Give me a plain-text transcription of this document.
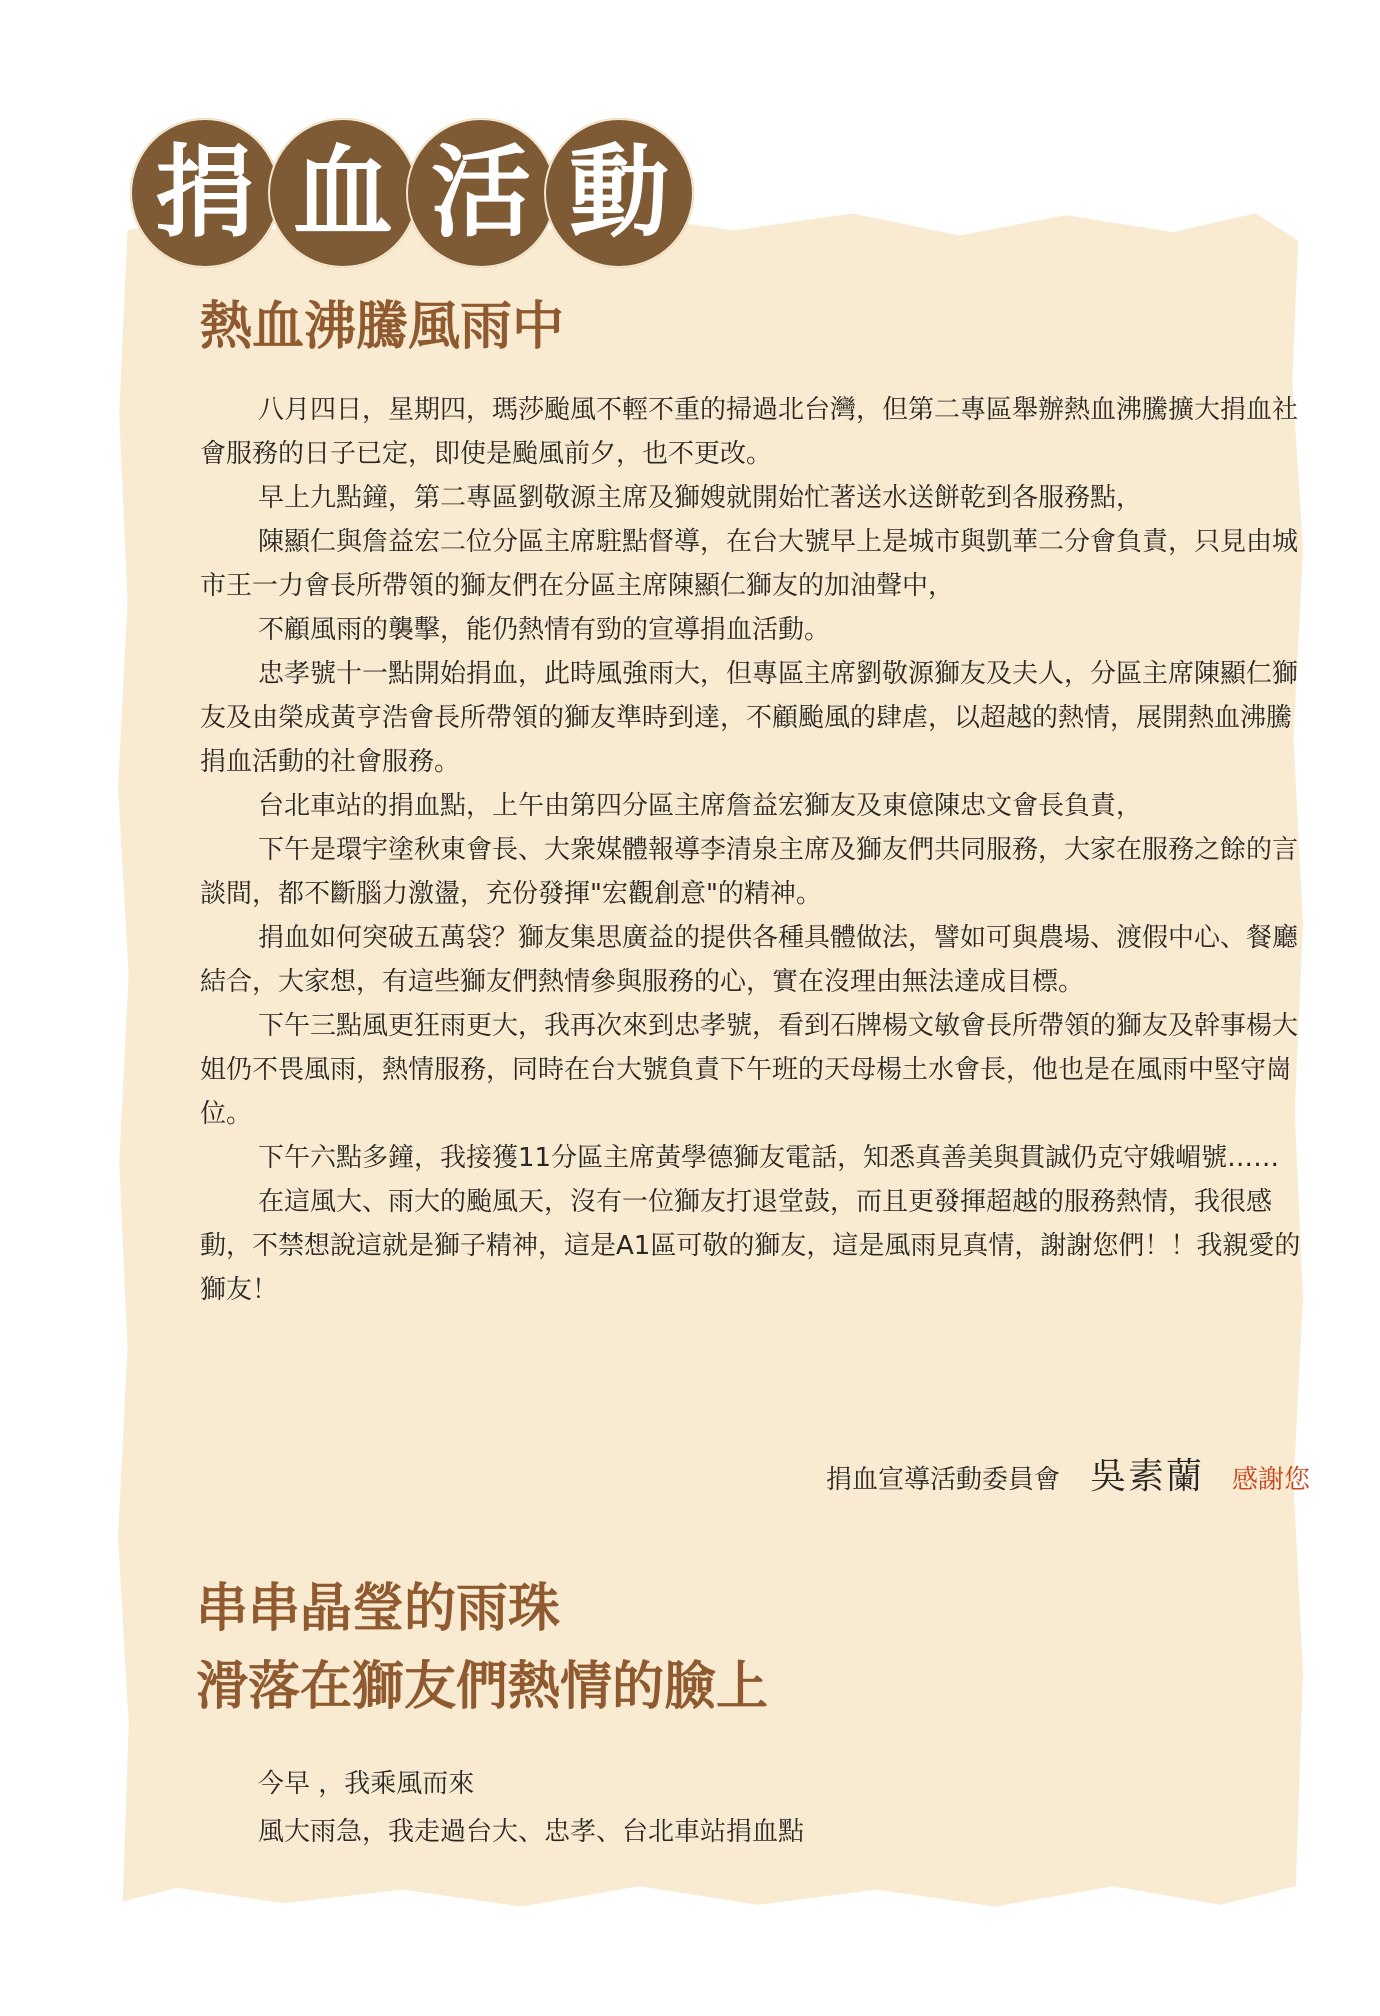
捐 血 活 動
熱血沸騰風雨中

八月四日，星期四，瑪莎颱風不輕不重的掃過北台灣，但第二專區舉辦熱血沸騰擴大捐血社會服務的日子已定，即使是颱風前夕，也不更改。

早上九點鐘，第二專區劉敬源主席及獅嫂就開始忙著送水送餅乾到各服務點，

陳顯仁與詹益宏二位分區主席駐點督導，在台大號早上是城市與凱華二分會負責，只見由城市王一力會長所帶領的獅友們在分區主席陳顯仁獅友的加油聲中，

不顧風雨的襲擊，能仍熱情有勁的宣導捐血活動。

忠孝號十一點開始捐血，此時風強雨大，但專區主席劉敬源獅友及夫人，分區主席陳顯仁獅友及由榮成黃亨浩會長所帶領的獅友準時到達，不顧颱風的肆虐，以超越的熱情，展開熱血沸騰捐血活動的社會服務。

台北車站的捐血點，上午由第四分區主席詹益宏獅友及東億陳忠文會長負責，

下午是環宇塗秋東會長、大衆媒體報導李清泉主席及獅友們共同服務，大家在服務之餘的言談間，都不斷腦力激盪，充份發揮"宏觀創意"的精神。

捐血如何突破五萬袋？獅友集思廣益的提供各種具體做法，譬如可與農場、渡假中心、餐廳結合，大家想，有這些獅友們熱情參與服務的心，實在沒理由無法達成目標。

下午三點風更狂雨更大，我再次來到忠孝號，看到石牌楊文敏會長所帶領的獅友及幹事楊大姐仍不畏風雨，熱情服務，同時在台大號負責下午班的天母楊土水會長，他也是在風雨中堅守崗位。

下午六點多鐘，我接獲11分區主席黃學德獅友電話，知悉真善美與貫誠仍克守娥嵋號……

在這風大、雨大的颱風天，沒有一位獅友打退堂鼓，而且更發揮超越的服務熱情，我很感動，不禁想說這就是獅子精神，這是A1區可敬的獅友，這是風雨見真情，謝謝您們！！我親愛的獅友！

捐血宣導活動委員會 吳素蘭 感謝您
串串晶瑩的雨珠
滑落在獅友們熱情的臉上
今早 ，我乘風而來
風大雨急，我走過台大、忠孝、台北車站捐血點
